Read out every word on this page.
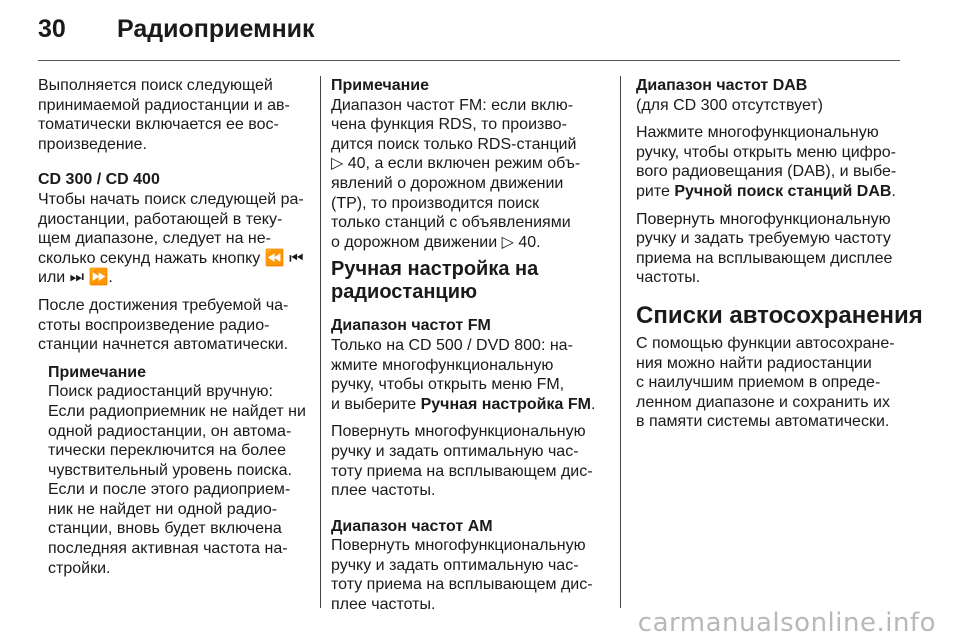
30 Радиоприемник
Выполняется поиск следующей
принимаемой радиостанции и ав-
томатически включается ее вос-
произведение.
CD 300 / CD 400
Чтобы начать поиск следующей ра-
диостанции, работающей в теку-
щем диапазоне, следует на не-
сколько секунд нажать кнопку ⏪ ⏮
или ⏭ ⏩.
После достижения требуемой ча-
стоты воспроизведение радио-
станции начнется автоматически.
Примечание
Поиск радиостанций вручную:
Если радиоприемник не найдет ни
одной радиостанции, он автома-
тически переключится на более
чувствительный уровень поиска.
Если и после этого радиоприем-
ник не найдет ни одной радио-
станции, вновь будет включена
последняя активная частота на-
стройки.
Примечание
Диапазон частот FM: если вклю-
чена функция RDS, то произво-
дится поиск только RDS-станций
▷ 40, а если включен режим объ-
явлений о дорожном движении
(TP), то производится поиск
только станций с объявлениями
о дорожном движении ▷ 40.
Ручная настройка на
радиостанцию
Диапазон частот FM
Только на CD 500 / DVD 800: на-
жмите многофункциональную
ручку, чтобы открыть меню FM,
и выберите Ручная настройка FM.
Повернуть многофункциональную
ручку и задать оптимальную час-
тоту приема на всплывающем дис-
плее частоты.
Диапазон частот AM
Повернуть многофункциональную
ручку и задать оптимальную час-
тоту приема на всплывающем дис-
плее частоты.
Диапазон частот DAB
(для CD 300 отсутствует)
Нажмите многофункциональную
ручку, чтобы открыть меню цифро-
вого радиовещания (DAB), и выбе-
рите Ручной поиск станций DAB.
Повернуть многофункциональную
ручку и задать требуемую частоту
приема на всплывающем дисплее
частоты.
Списки автосохранения
С помощью функции автосохране-
ния можно найти радиостанции
с наилучшим приемом в опреде-
ленном диапазоне и сохранить их
в памяти системы автоматически.
carmanualsonline.info
